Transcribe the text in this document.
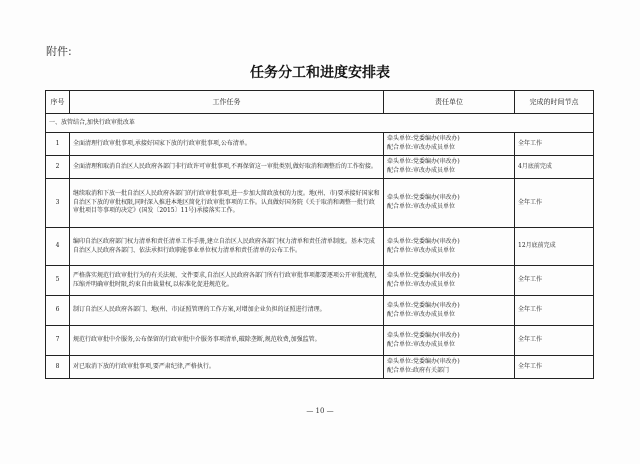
附件:
任务分工和进度安排表
序号	工作任务	责任单位	完成的时间节点
一、放管结合,加快行政审批改革			
1	全面清理行政审批事项,承接好国家下放的行政审批事项,公布清单。	牵头单位:党委编办(审改办)
配合单位:审改办成员单位	全年工作
2	全面清理和取消自治区人民政府各部门非行政许可审批事项,不再保留这一审批类别,做好取消和调整后的工作衔接。	牵头单位:党委编办(审改办)
配合单位:审改办成员单位	4月底前完成
3	继续取消和下放一批自治区人民政府各部门的行政审批事项,进一步加大简政放权的力度。地(州、市)要承接好国家和自治区下放的审批权限,同时深入推进本地区简化行政审批事项的工作。认真做好国务院《关于取消和调整一批行政审批项目等事项的决定》(国发〔2015〕11号)承接落实工作。	牵头单位:党委编办(审改办)
配合单位:审改办成员单位	全年工作
4	编印自治区政府部门权力清单和责任清单工作手册,建立自治区人民政府各部门权力清单和责任清单制度。基本完成自治区人民政府各部门、依法承担行政职能事业单位权力清单和责任清单的公布工作。	牵头单位:党委编办(审改办)
配合单位:审改办成员单位	12月底前完成
5	严格落实规范行政审批行为的有关法规、文件要求,自治区人民政府各部门所有行政审批事项都要逐项公开审批流程,压缩并明确审批时限,约束自由裁量权,以标准化促进规范化。	牵头单位:党委编办(审改办)
配合单位:审改办成员单位	全年工作
6	制订自治区人民政府各部门、地(州、市)证照管理的工作方案,对增加企业负担的证照进行清理。	牵头单位:党委编办(审改办)
配合单位:审改办成员单位	全年工作
7	规范行政审批中介服务,公布保留的行政审批中介服务事项清单,破除垄断,规范收费,加强监管。	牵头单位:党委编办(审改办)
配合单位:审改办成员单位	全年工作
8	对已取消下放的行政审批事项,要严肃纪律,严格执行。	牵头单位:党委编办(审改办)
配合单位:政府有关部门	全年工作
— 10 —
